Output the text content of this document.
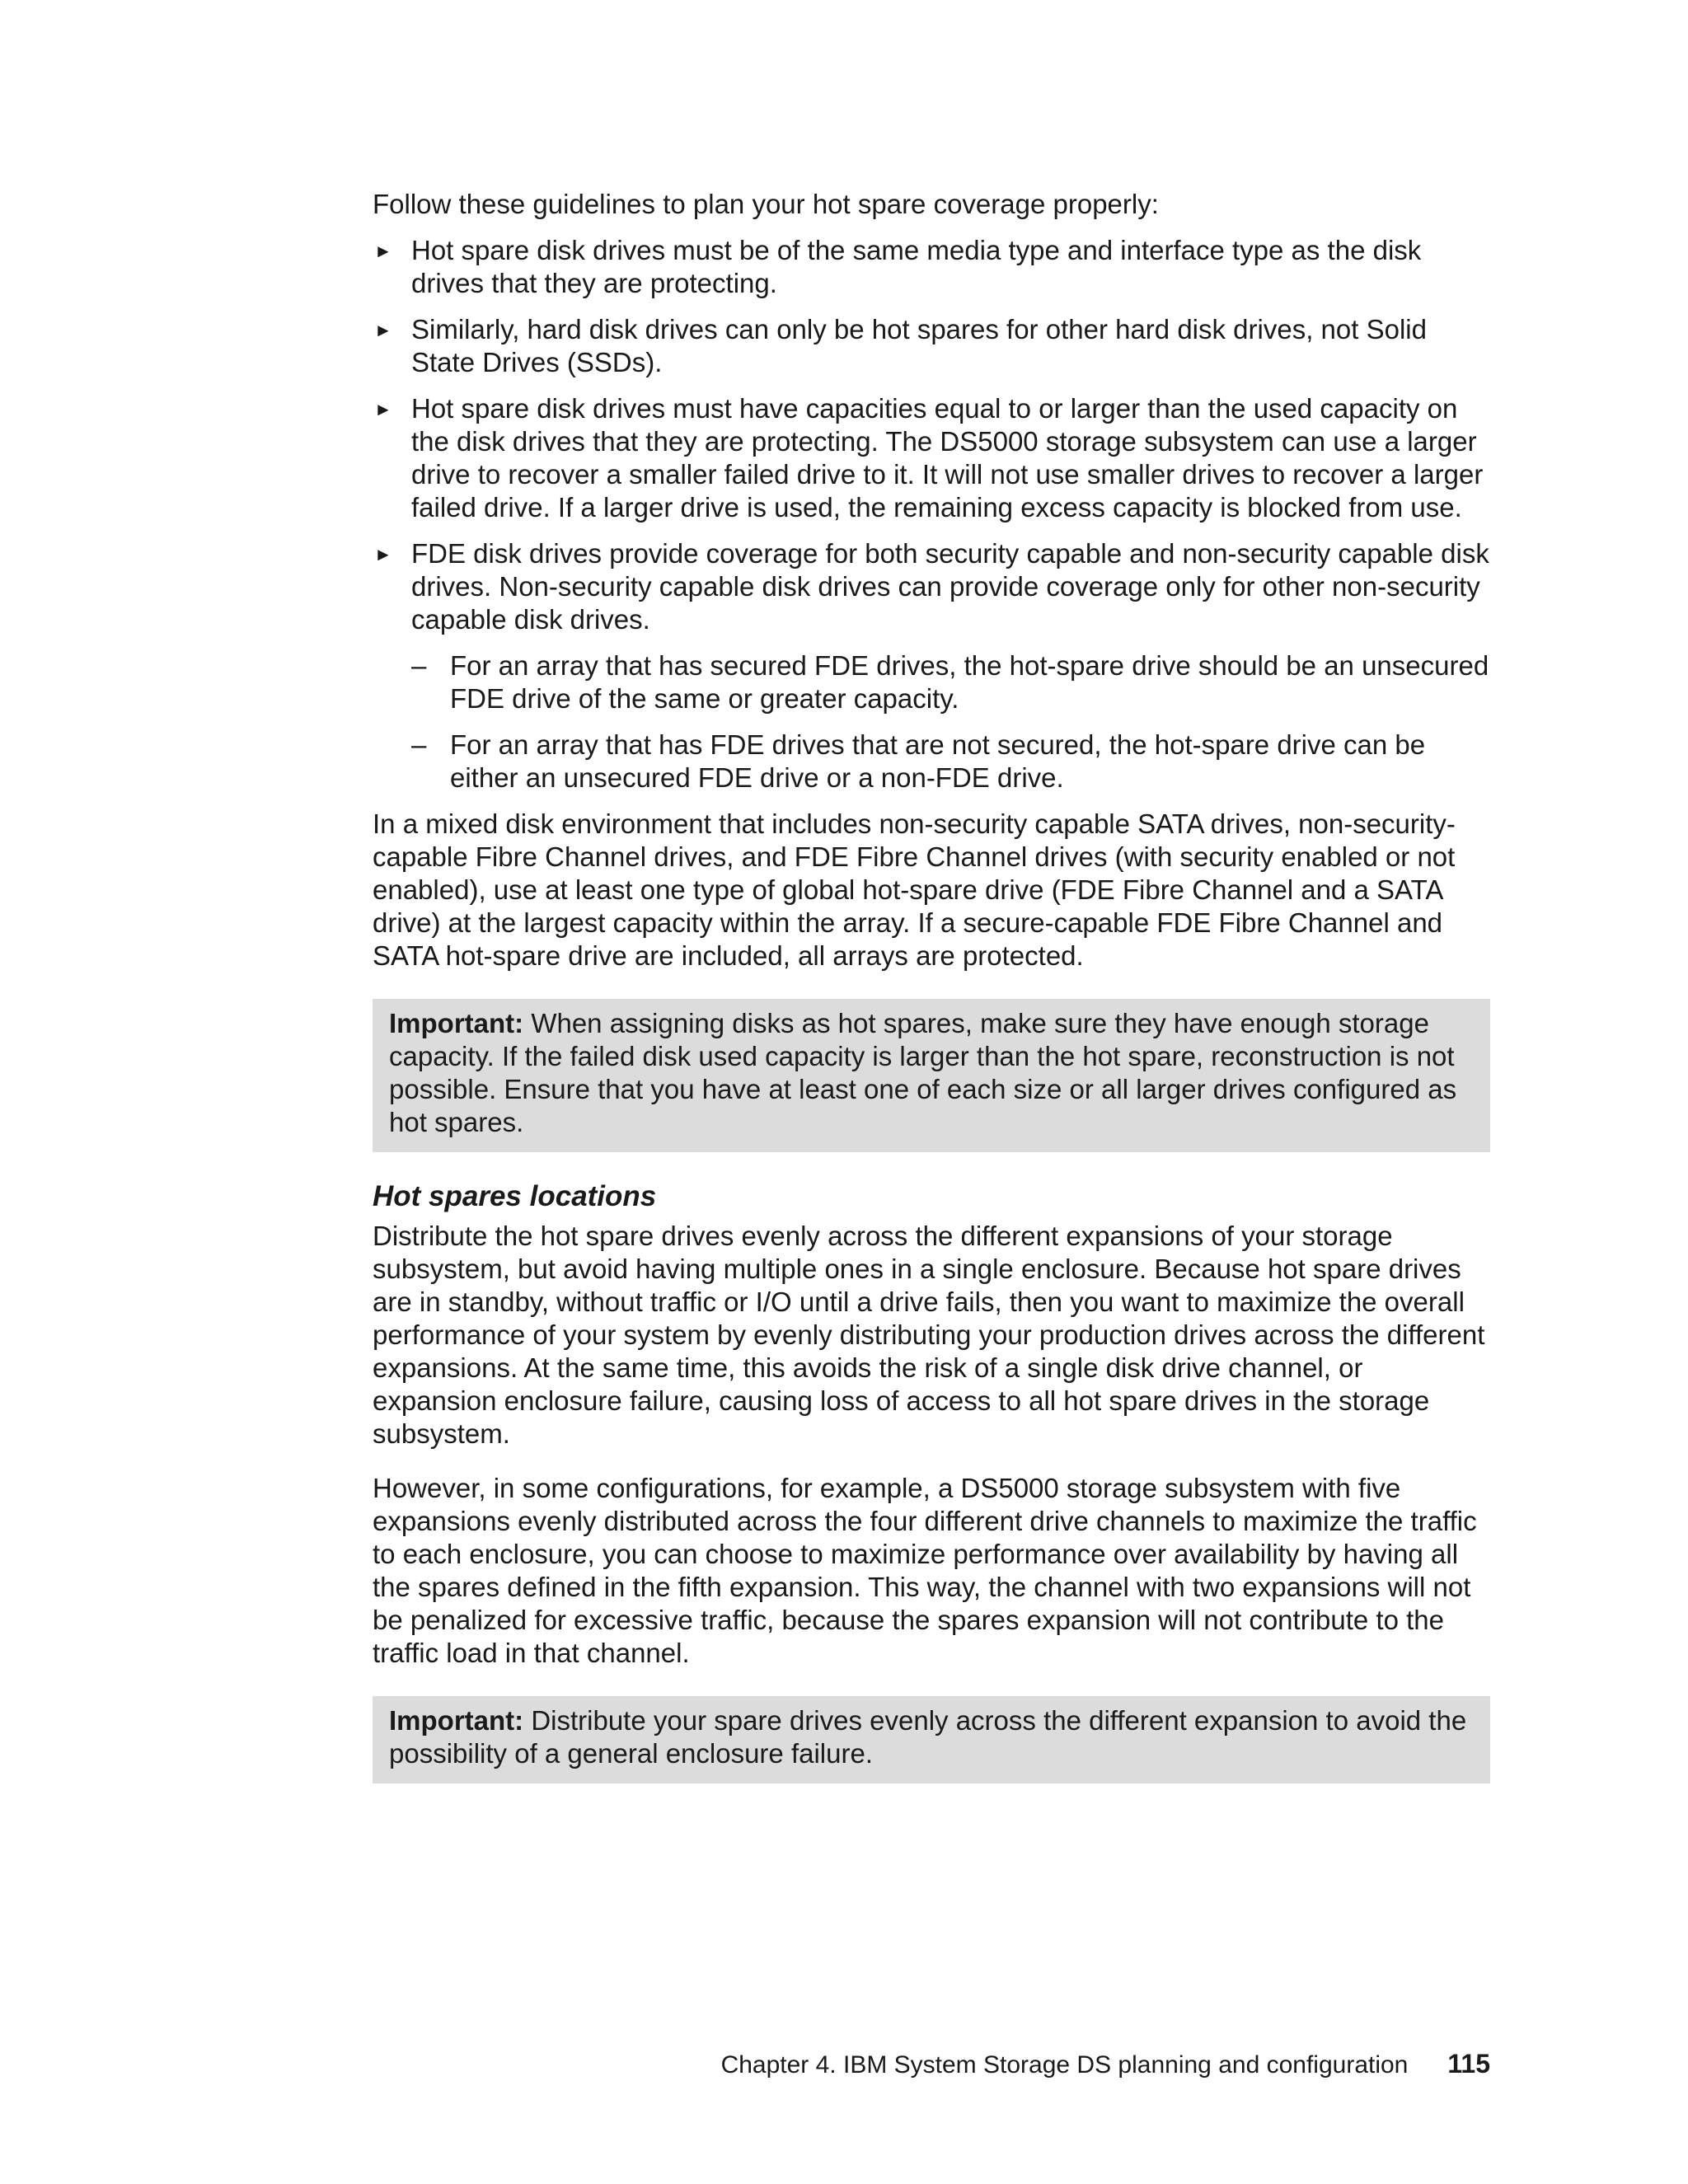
Follow these guidelines to plan your hot spare coverage properly:

► Hot spare disk drives must be of the same media type and interface type as the disk drives that they are protecting.
► Similarly, hard disk drives can only be hot spares for other hard disk drives, not Solid State Drives (SSDs).
► Hot spare disk drives must have capacities equal to or larger than the used capacity on the disk drives that they are protecting. The DS5000 storage subsystem can use a larger drive to recover a smaller failed drive to it. It will not use smaller drives to recover a larger failed drive. If a larger drive is used, the remaining excess capacity is blocked from use.
► FDE disk drives provide coverage for both security capable and non-security capable disk drives. Non-security capable disk drives can provide coverage only for other non-security capable disk drives.
– For an array that has secured FDE drives, the hot-spare drive should be an unsecured FDE drive of the same or greater capacity.
– For an array that has FDE drives that are not secured, the hot-spare drive can be either an unsecured FDE drive or a non-FDE drive.

In a mixed disk environment that includes non-security capable SATA drives, non-security-capable Fibre Channel drives, and FDE Fibre Channel drives (with security enabled or not enabled), use at least one type of global hot-spare drive (FDE Fibre Channel and a SATA drive) at the largest capacity within the array. If a secure-capable FDE Fibre Channel and SATA hot-spare drive are included, all arrays are protected.

Important: When assigning disks as hot spares, make sure they have enough storage capacity. If the failed disk used capacity is larger than the hot spare, reconstruction is not possible. Ensure that you have at least one of each size or all larger drives configured as hot spares.
Hot spares locations

Distribute the hot spare drives evenly across the different expansions of your storage subsystem, but avoid having multiple ones in a single enclosure. Because hot spare drives are in standby, without traffic or I/O until a drive fails, then you want to maximize the overall performance of your system by evenly distributing your production drives across the different expansions. At the same time, this avoids the risk of a single disk drive channel, or expansion enclosure failure, causing loss of access to all hot spare drives in the storage subsystem.

However, in some configurations, for example, a DS5000 storage subsystem with five expansions evenly distributed across the four different drive channels to maximize the traffic to each enclosure, you can choose to maximize performance over availability by having all the spares defined in the fifth expansion. This way, the channel with two expansions will not be penalized for excessive traffic, because the spares expansion will not contribute to the traffic load in that channel.

Important: Distribute your spare drives evenly across the different expansion to avoid the possibility of a general enclosure failure.
Chapter 4. IBM System Storage DS planning and configuration 115
